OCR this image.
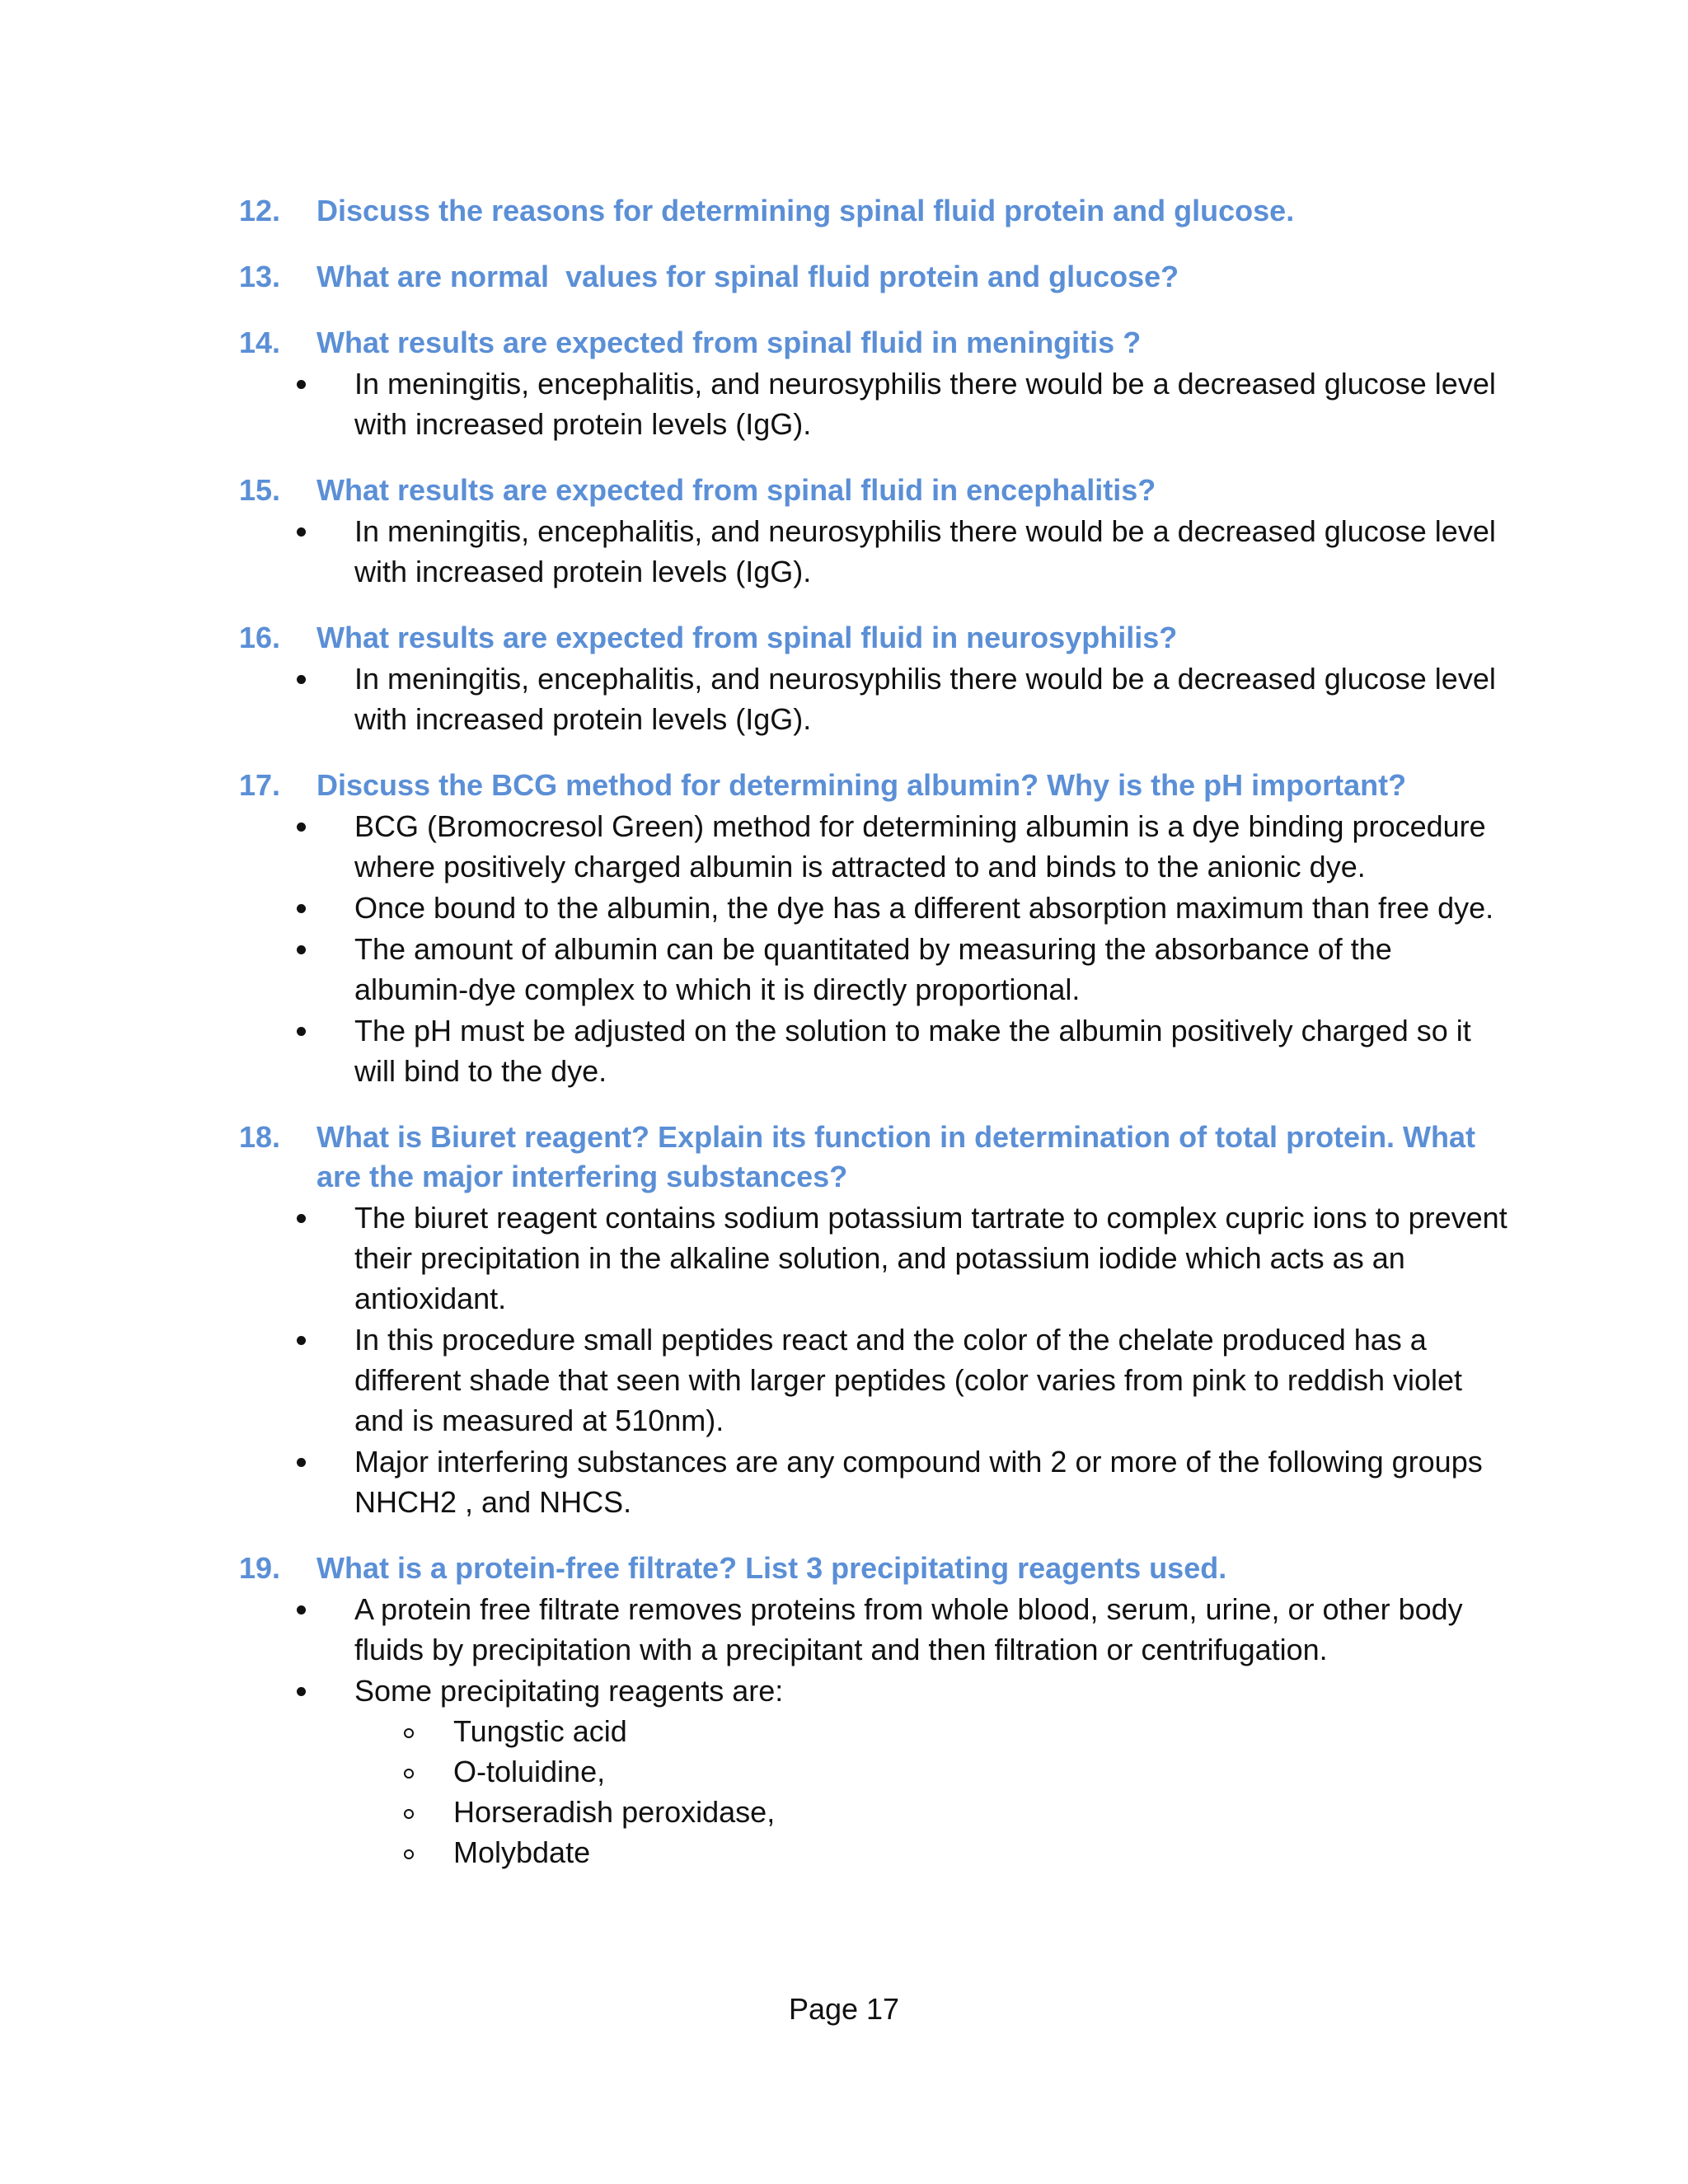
12.	Discuss the reasons for determining spinal fluid protein and glucose.
13.	What are normal  values for spinal fluid protein and glucose?
14.	What results are expected from spinal fluid in meningitis ?
In meningitis, encephalitis, and neurosyphilis there would be a decreased glucose level with increased protein levels (IgG).
15.	What results are expected from spinal fluid in encephalitis?
In meningitis, encephalitis, and neurosyphilis there would be a decreased glucose level with increased protein levels (IgG).
16.	What results are expected from spinal fluid in neurosyphilis?
In meningitis, encephalitis, and neurosyphilis there would be a decreased glucose level with increased protein levels (IgG).
17.	Discuss the BCG method for determining albumin? Why is the pH important?
BCG (Bromocresol Green) method for determining albumin is a dye binding procedure where positively charged albumin is attracted to and binds to the anionic dye.
Once bound to the albumin, the dye has a different absorption maximum than free dye.
The amount of albumin can be quantitated by measuring the absorbance of the albumin-dye complex to which it is directly proportional.
The pH must be adjusted on the solution to make the albumin positively charged so it will bind to the dye.
18.	What is Biuret reagent? Explain its function in determination of total protein. What are the major interfering substances?
The biuret reagent contains sodium potassium tartrate to complex cupric ions to prevent their precipitation in the alkaline solution, and potassium iodide which acts as an antioxidant.
In this procedure small peptides react and the color of the chelate produced has a different shade that seen with larger peptides (color varies from pink to reddish violet and is measured at 510nm).
Major interfering substances are any compound with 2 or more of the following groups NHCH2 , and NHCS.
19.	What is a protein-free filtrate? List 3 precipitating reagents used.
A protein free filtrate removes proteins from whole blood, serum, urine, or other body fluids by precipitation with a precipitant and then filtration or centrifugation.
Some precipitating reagents are:
Tungstic acid
O-toluidine,
Horseradish peroxidase,
Molybdate
Page 17
